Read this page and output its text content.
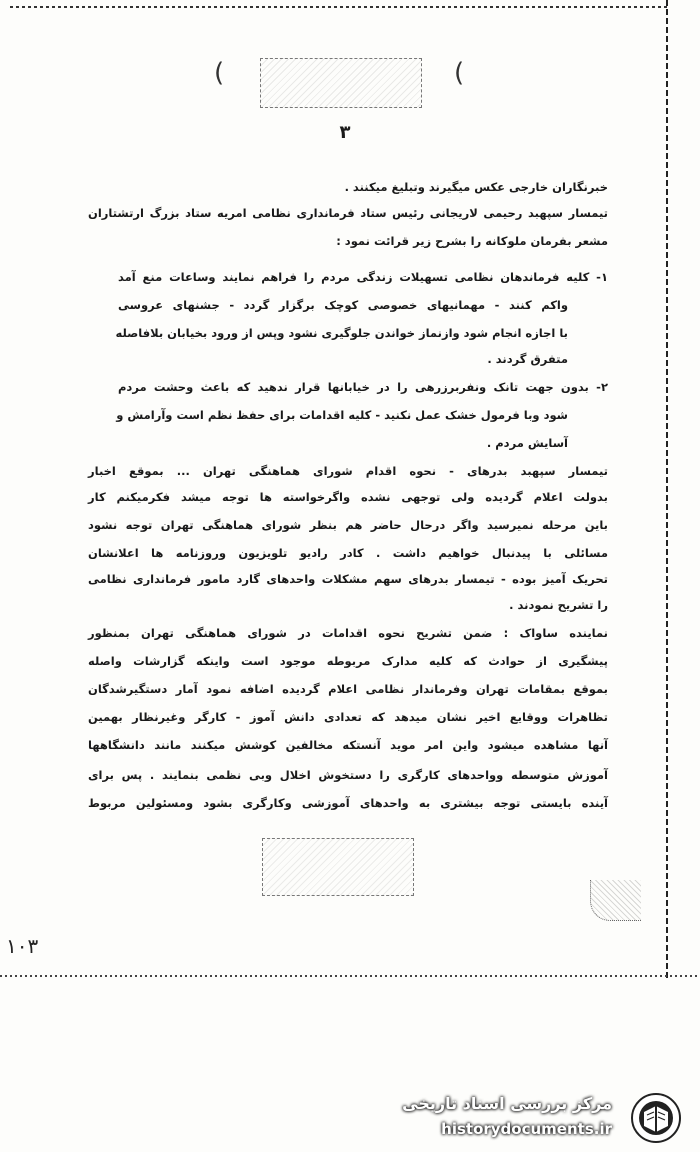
(	(
۳
خبرنگاران خارجی عکس میگیرند وتبلیغ میکنند .
تیمسار سپهبد رحیمی لاریجانی رئیس ستاد فرمانداری نظامی امریه ستاد بزرگ ارتشتاران
مشعر بفرمان ملوکانه را بشرح زیر قرائت نمود :
۱- کلیه فرماندهان نظامی تسهیلات زندگی مردم را فراهم نمایند وساعات منع آمد
واکم کنند - مهمانیهای خصوصی کوچک برگزار گردد - جشنهای عروسی
با اجازه انجام شود وازنماز خواندن جلوگیری نشود وپس از ورود بخیابان بلافاصله
متفرق گردند .
۲- بدون جهت تانک ونفربرزرهی را در خیابانها قرار ندهید که باعث وحشت مردم
شود وبا فرمول خشک عمل نکنید - کلیه اقدامات برای حفظ نظم است وآرامش و
آسایش مردم .
تیمسار سپهبد بدرهای - نحوه اقدام شورای هماهنگی تهران ... بموقع اخبار
بدولت اعلام گردیده ولی توجهی نشده واگرخواسته ها توجه میشد فکرمیکنم کار
باین مرحله نمیرسید واگر درحال حاضر هم بنظر شورای هماهنگی تهران توجه نشود
مسائلی با پیدنبال خواهیم داشت . کادر رادیو تلویزیون وروزنامه ها اعلانشان
تحریک آمیز بوده - تیمسار بدرهای سهم مشکلات واحدهای گارد مامور فرمانداری نظامی
را تشریح نمودند .
نماینده ساواک : ضمن تشریح نحوه اقدامات در شورای هماهنگی تهران بمنظور
پیشگیری از حوادث که کلیه مدارک مربوطه موجود است واینکه گزارشات واصله
بموقع بمقامات تهران وفرماندار نظامی اعلام گردیده اضافه نمود آمار دستگیرشدگان
تظاهرات ووقایع اخیر نشان میدهد که تعدادی دانش آموز - کارگر وغیرنظار بهمین
آنها مشاهده میشود واین امر موید آنستکه مخالفین کوشش میکنند مانند دانشگاهها
آموزش متوسطه وواحدهای کارگری را دستخوش اخلال وبی نظمی بنمایند . پس برای
آینده بایستی توجه بیشتری به واحدهای آموزشی وکارگری بشود ومسئولین مربوط
۱۰۳
مرکز بررسی اسناد تاریخی
historydocuments.ir
